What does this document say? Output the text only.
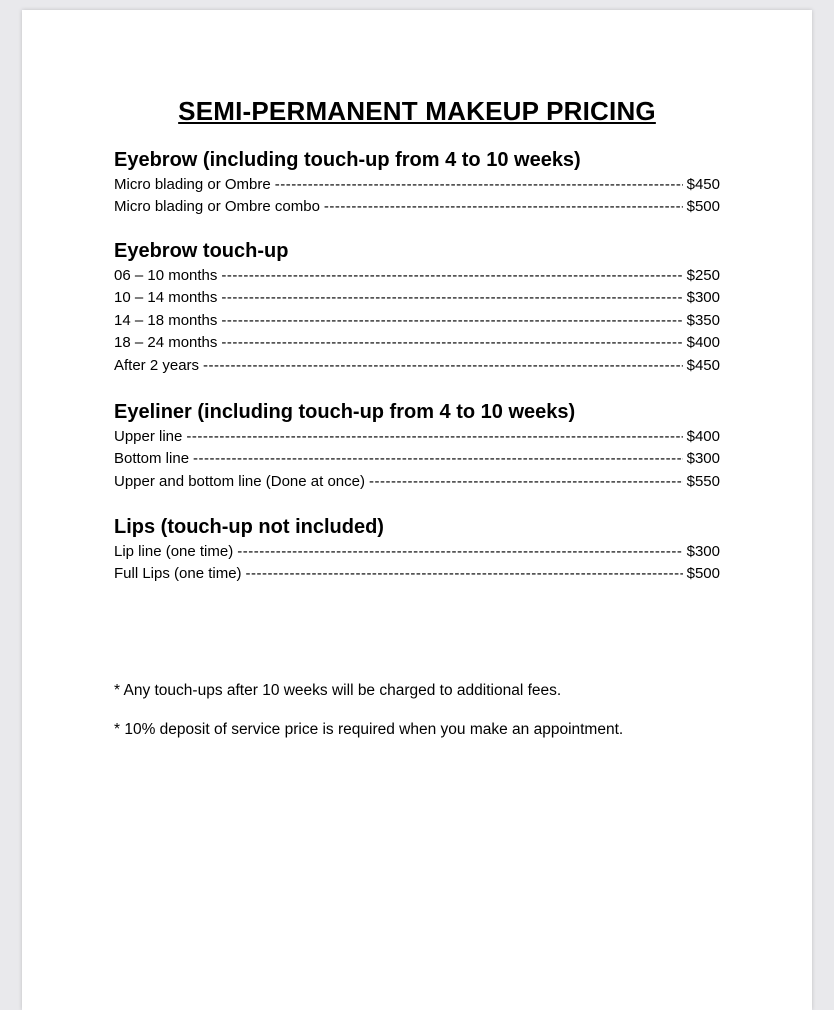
SEMI-PERMANENT MAKEUP PRICING
Eyebrow (including touch-up from 4 to 10 weeks)
Micro blading or Ombre -----	$450
Micro blading or Ombre combo -----	$500
Eyebrow touch-up
06 – 10 months -----	$250
10 – 14 months -----	$300
14 – 18 months -----	$350
18 – 24 months -----	$400
After 2 years -----	$450
Eyeliner (including touch-up from 4 to 10 weeks)
Upper line -----	$400
Bottom line -----	$300
Upper and bottom line (Done at once) -----	$550
Lips (touch-up not included)
Lip line (one time) -----	$300
Full Lips (one time) -----	$500
* Any touch-ups after 10 weeks will be charged to additional fees.
* 10% deposit of service price is required when you make an appointment.
